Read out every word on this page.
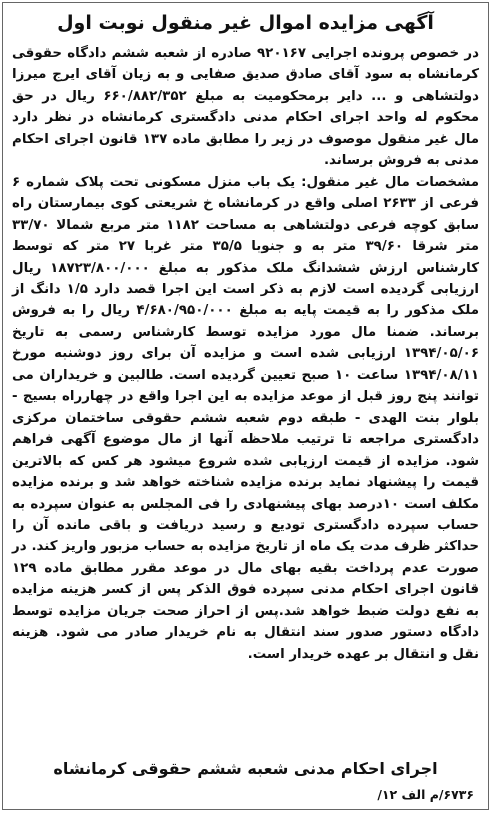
آگهی مزایده اموال غیر منقول نوبت اول

در خصوص پرونده اجرایی ۹۲۰۱۶۷ صادره از شعبه ششم دادگاه حقوقی کرمانشاه به سود آقای صادق صدیق صفایی و به زیان آقای ایرج میرزا دولتشاهی و ... دایر برمحکومیت به مبلغ ۶۶۰/۸۸۲/۳۵۲ ریال در حق محکوم له واحد اجرای احکام مدنی دادگستری کرمانشاه در نظر دارد مال غیر منقول موصوف در زیر را مطابق ماده ۱۳۷ قانون اجرای احکام مدنی به فروش برساند.

مشخصات مال غیر منقول: یک باب منزل مسکونی تحت پلاک شماره ۶ فرعی از ۲۶۳۳ اصلی واقع در کرمانشاه خ شریعتی کوی بیمارستان راه سابق کوچه فرعی دولتشاهی به مساحت ۱۱۸۲ متر مربع شمالا ۳۳/۷۰ متر شرقا ۳۹/۶۰ متر به و جنوبا ۳۵/۵ متر غربا ۲۷ متر که توسط کارشناس ارزش ششدانگ ملک مذکور به مبلغ ۱۸۷۲۳/۸۰۰/۰۰۰ ریال ارزیابی گردیده است لازم به ذکر است این اجرا قصد دارد ۱/۵ دانگ از ملک مذکور را به قیمت پایه به مبلغ ۴/۶۸۰/۹۵۰/۰۰۰ ریال را به فروش برساند. ضمنا مال مورد مزایده توسط کارشناس رسمی به تاریخ ۱۳۹۴/۰۵/۰۶ ارزیابی شده است و مزایده آن برای روز دوشنبه مورخ ۱۳۹۴/۰۸/۱۱ ساعت ۱۰ صبح تعیین گردیده است. طالبین و خریداران می توانند پنج روز قبل از موعد مزایده به این اجرا واقع در چهارراه بسیج - بلوار بنت الهدی - طبقه دوم شعبه ششم حقوقی ساختمان مرکزی دادگستری مراجعه تا ترتیب ملاحظه آنها از مال موضوع آگهی فراهم شود. مزایده از قیمت ارزیابی شده شروع میشود هر کس که بالاترین قیمت را پیشنهاد نماید برنده مزایده شناخته خواهد شد و برنده مزایده مکلف است ۱۰درصد بهای پیشنهادی را فی المجلس به عنوان سپرده به حساب سپرده دادگستری تودیع و رسید دریافت و باقی مانده آن را حداکثر ظرف مدت یک ماه از تاریخ مزایده به حساب مزبور واریز کند. در صورت عدم پرداخت بقیه بهای مال در موعد مقرر مطابق ماده ۱۲۹ قانون اجرای احکام مدنی سپرده فوق الذکر پس از کسر هزینه مزایده به نفع دولت ضبط خواهد شد.پس از احراز صحت جریان مزایده توسط دادگاه دستور صدور سند انتقال به نام خریدار صادر می شود. هزینه نقل و انتقال بر عهده خریدار است.

اجرای احکام مدنی شعبه ششم حقوقی کرمانشاه
۶۷۳۶/م الف ۱۲/
